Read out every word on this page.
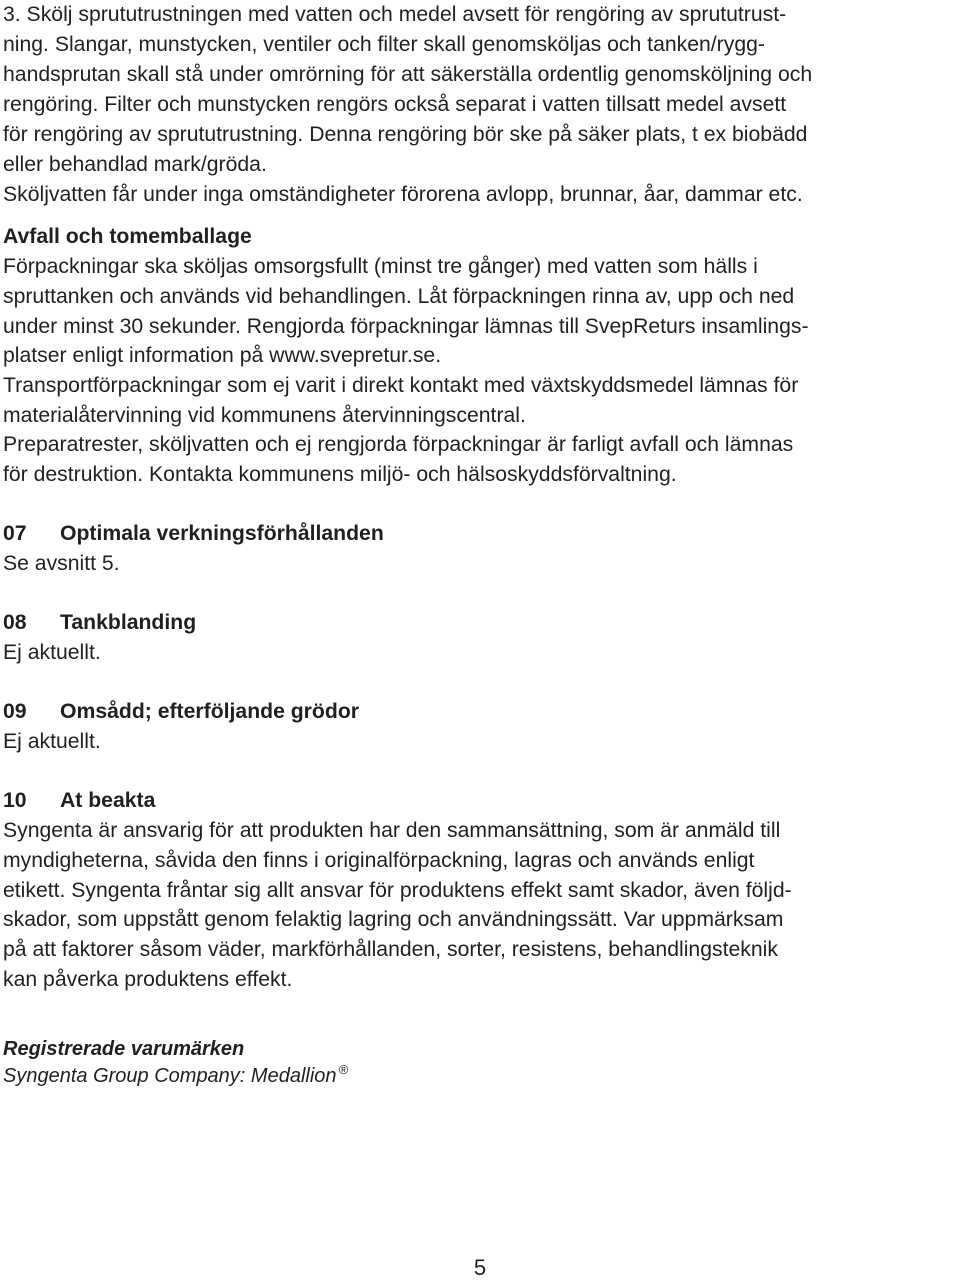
3. Skölj sprututrustningen med vatten och medel avsett för rengöring av sprututrust-

ning. Slangar, munstycken, ventiler och filter skall genomsköljas och tanken/rygg-

handsprutan skall stå under omrörning för att säkerställa ordentlig genomsköljning och

rengöring. Filter och munstycken rengörs också separat i vatten tillsatt medel avsett

för rengöring av sprututrustning. Denna rengöring bör ske på säker plats, t ex biobädd

eller behandlad mark/gröda.

Sköljvatten får under inga omständigheter förorena avlopp, brunnar, åar, dammar etc.

Avfall och tomemballage

Förpackningar ska sköljas omsorgsfullt (minst tre gånger) med vatten som hälls i

spruttanken och används vid behandlingen. Låt förpackningen rinna av, upp och ned

under minst 30 sekunder. Rengjorda förpackningar lämnas till SvepReturs insamlings-

platser enligt information på www.svepretur.se.

Transportförpackningar som ej varit i direkt kontakt med växtskyddsmedel lämnas för

materialåtervinning vid kommunens återvinningscentral.

Preparatrester, sköljvatten och ej rengjorda förpackningar är farligt avfall och lämnas

för destruktion. Kontakta kommunens miljö- och hälsoskyddsförvaltning.

07 Optimala verkningsförhållanden

Se avsnitt 5.

08 Tankblanding

Ej aktuellt.

09 Omsådd; efterföljande grödor

Ej aktuellt.

10 At beakta

Syngenta är ansvarig för att produkten har den sammansättning, som är anmäld till

myndigheterna, såvida den finns i originalförpackning, lagras och används enligt

etikett. Syngenta fråntar sig allt ansvar för produktens effekt samt skador, även följd-

skador, som uppstått genom felaktig lagring och användningssätt. Var uppmärksam

på att faktorer såsom väder, markförhållanden, sorter, resistens, behandlingsteknik

kan påverka produktens effekt.

Registrerade varumärken

Syngenta Group Company: Medallion ®

5
